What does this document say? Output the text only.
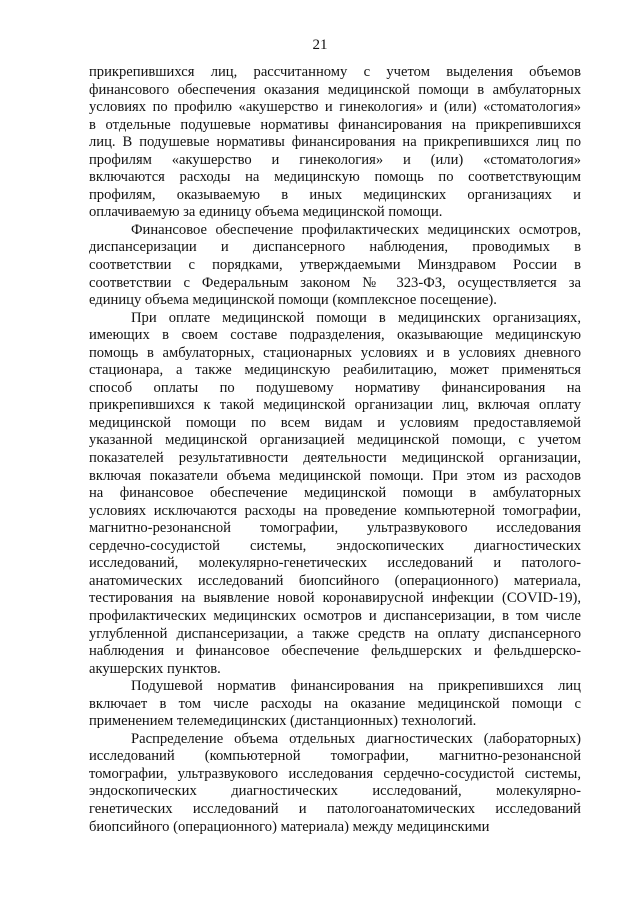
21
прикрепившихся лиц, рассчитанному с учетом выделения объемов
финансового обеспечения оказания медицинской помощи в амбулаторных
условиях по профилю «акушерство и гинекология» и (или) «стоматология»
в отдельные подушевые нормативы финансирования на прикрепившихся
лиц. В подушевые нормативы финансирования на прикрепившихся лиц по
профилям «акушерство и гинекология» и (или) «стоматология»
включаются расходы на медицинскую помощь по соответствующим
профилям, оказываемую в иных медицинских организациях и
оплачиваемую за единицу объема медицинской помощи.
Финансовое обеспечение профилактических медицинских осмотров,
диспансеризации и диспансерного наблюдения, проводимых в
соответствии с порядками, утверждаемыми Минздравом России в
соответствии с Федеральным законом № 323-ФЗ, осуществляется за
единицу объема медицинской помощи (комплексное посещение).
При оплате медицинской помощи в медицинских организациях,
имеющих в своем составе подразделения, оказывающие медицинскую
помощь в амбулаторных, стационарных условиях и в условиях дневного
стационара, а также медицинскую реабилитацию, может применяться
способ оплаты по подушевому нормативу финансирования на
прикрепившихся к такой медицинской организации лиц, включая оплату
медицинской помощи по всем видам и условиям предоставляемой
указанной медицинской организацией медицинской помощи, с учетом
показателей результативности деятельности медицинской организации,
включая показатели объема медицинской помощи. При этом из расходов
на финансовое обеспечение медицинской помощи в амбулаторных
условиях исключаются расходы на проведение компьютерной томографии,
магнитно-резонансной томографии, ультразвукового исследования
сердечно-сосудистой системы, эндоскопических диагностических
исследований, молекулярно-генетических исследований и патолого-
анатомических исследований биопсийного (операционного) материала,
тестирования на выявление новой коронавирусной инфекции (COVID-19),
профилактических медицинских осмотров и диспансеризации, в том числе
углубленной диспансеризации, а также средств на оплату диспансерного
наблюдения и финансовое обеспечение фельдшерских и фельдшерско-
акушерских пунктов.
Подушевой норматив финансирования на прикрепившихся лиц
включает в том числе расходы на оказание медицинской помощи с
применением телемедицинских (дистанционных) технологий.
Распределение объема отдельных диагностических (лабораторных)
исследований (компьютерной томографии, магнитно-резонансной
томографии, ультразвукового исследования сердечно-сосудистой системы,
эндоскопических диагностических исследований, молекулярно-
генетических исследований и патологоанатомических исследований
биопсийного (операционного) материала) между медицинскими
